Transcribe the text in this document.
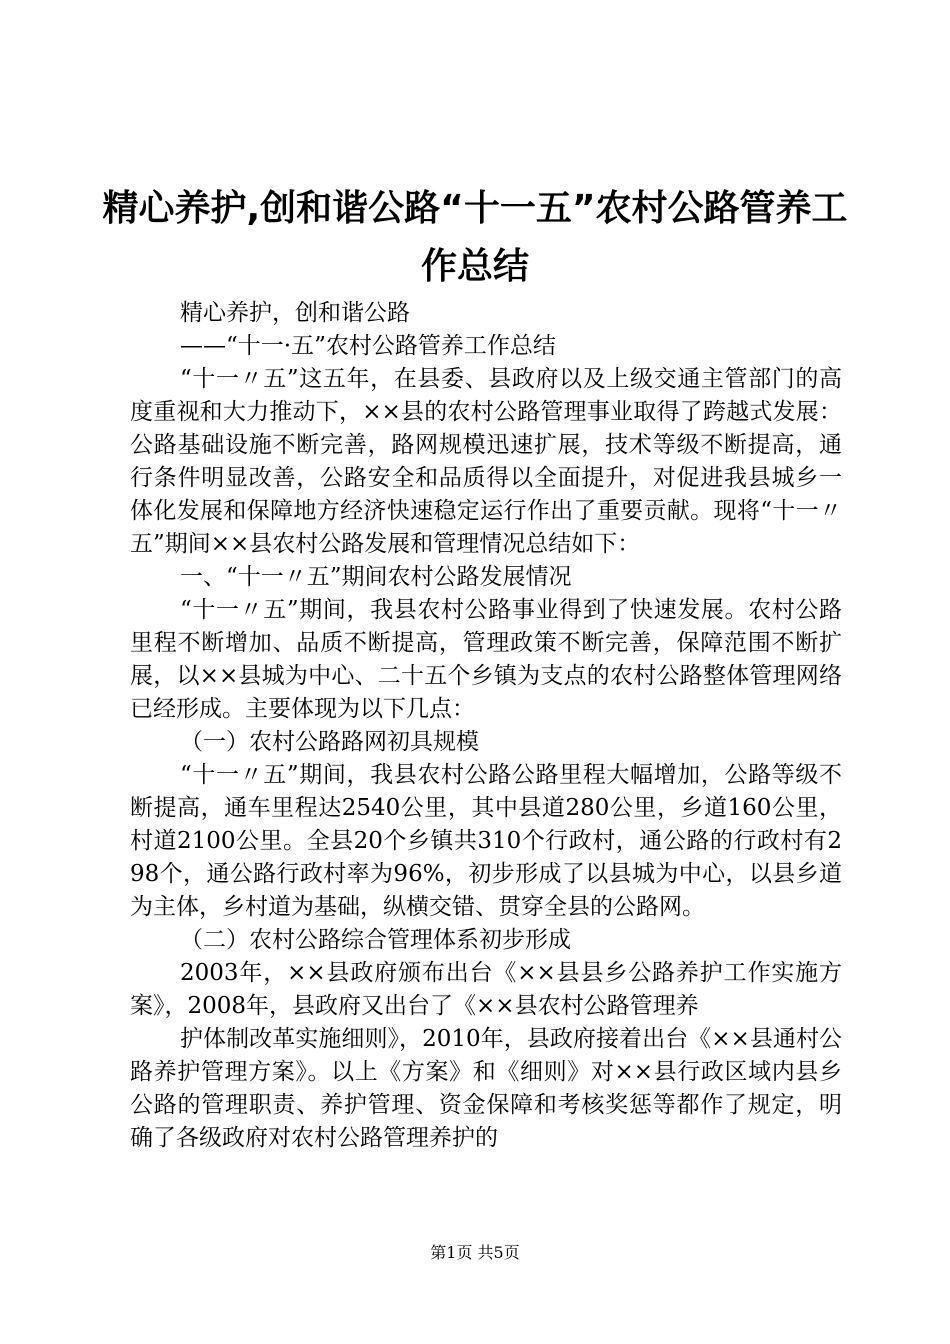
精心养护,创和谐公路“十一五”农村公路管养工作总结

精心养护，创和谐公路

——“十一·五”农村公路管养工作总结

“十一〃五”这五年，在县委、县政府以及上级交通主管部门的高度重视和大力推动下，××县的农村公路管理事业取得了跨越式发展：公路基础设施不断完善，路网规模迅速扩展，技术等级不断提高，通行条件明显改善，公路安全和品质得以全面提升，对促进我县城乡一体化发展和保障地方经济快速稳定运行作出了重要贡献。现将“十一〃五”期间××县农村公路发展和管理情况总结如下：

一、“十一〃五”期间农村公路发展情况

“十一〃五”期间，我县农村公路事业得到了快速发展。农村公路里程不断增加、品质不断提高，管理政策不断完善，保障范围不断扩展，以××县城为中心、二十五个乡镇为支点的农村公路整体管理网络已经形成。主要体现为以下几点：

（一）农村公路路网初具规模

“十一〃五”期间，我县农村公路公路里程大幅增加，公路等级不断提高，通车里程达2540公里，其中县道280公里，乡道160公里，村道2100公里。全县20个乡镇共310个行政村，通公路的行政村有298个，通公路行政村率为96%，初步形成了以县城为中心，以县乡道为主体，乡村道为基础，纵横交错、贯穿全县的公路网。

（二）农村公路综合管理体系初步形成

2003年，××县政府颁布出台《××县县乡公路养护工作实施方案》，2008年，县政府又出台了《××县农村公路管理养

护体制改革实施细则》，2010年，县政府接着出台《××县通村公路养护管理方案》。以上《方案》和《细则》对××县行政区域内县乡公路的管理职责、养护管理、资金保障和考核奖惩等都作了规定，明确了各级政府对农村公路管理养护的

第1页 共5页
